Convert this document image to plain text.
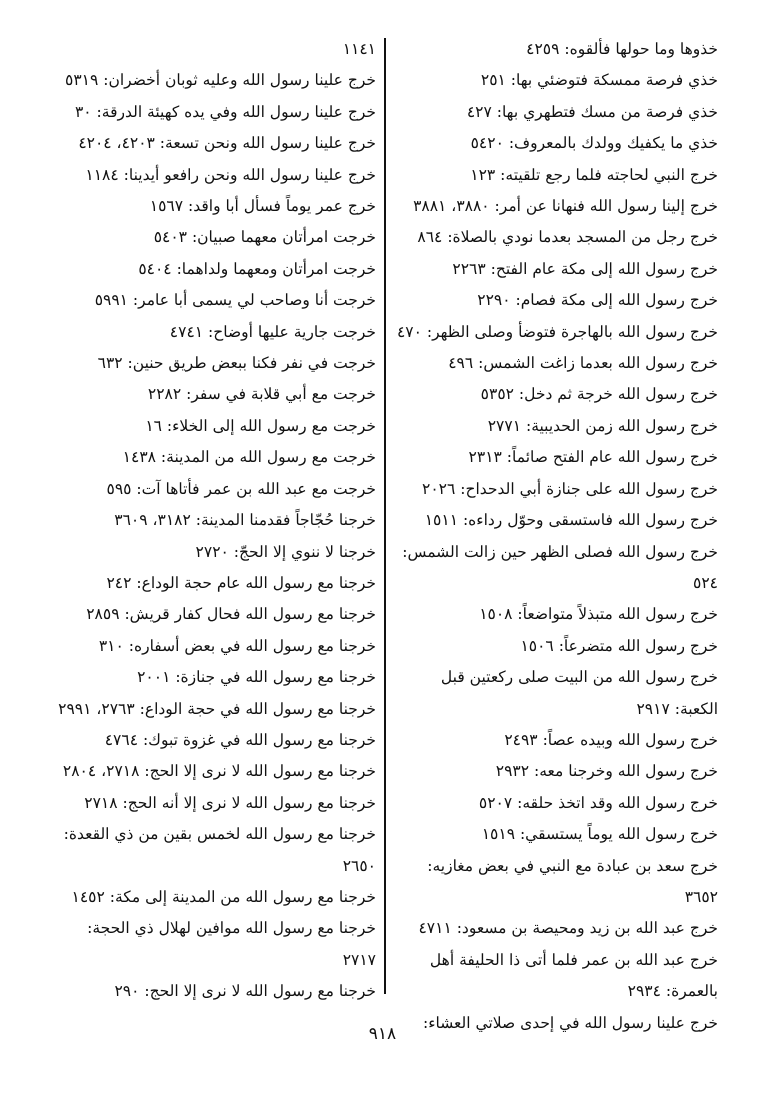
خذوها وما حولها فألقوه: ٤٢٥٩
خذي فرصة ممسكة فتوضئي بها: ٢٥١
خذي فرصة من مسك فتطهري بها: ٤٢٧
خذي ما يكفيك وولدك بالمعروف: ٥٤٢٠
خرج النبي لحاجته فلما رجع تلقيته: ١٢٣
خرج إلينا رسول الله فنهانا عن أمر: ٣٨٨٠، ٣٨٨١
خرج رجل من المسجد بعدما نودي بالصلاة: ٨٦٤
خرج رسول الله إلى مكة عام الفتح: ٢٢٦٣
خرج رسول الله إلى مكة فصام: ٢٢٩٠
خرج رسول الله بالهاجرة فتوضأ وصلى الظهر: ٤٧٠
خرج رسول الله بعدما زاغت الشمس: ٤٩٦
خرج رسول الله خرجة ثم دخل: ٥٣٥٢
خرج رسول الله زمن الحديبية: ٢٧٧١
خرج رسول الله عام الفتح صائماً: ٢٣١٣
خرج رسول الله على جنازة أبي الدحداح: ٢٠٢٦
خرج رسول الله فاستسقى وحوّل رداءه: ١٥١١
خرج رسول الله فصلى الظهر حين زالت الشمس: ٥٢٤
خرج رسول الله متبذلاً متواضعاً: ١٥٠٨
خرج رسول الله متضرعاً: ١٥٠٦
خرج رسول الله من البيت صلى ركعتين قبل الكعبة: ٢٩١٧
خرج رسول الله وبيده عصاً: ٢٤٩٣
خرج رسول الله وخرجنا معه: ٢٩٣٢
خرج رسول الله وقد اتخذ حلقه: ٥٢٠٧
خرج رسول الله يوماً يستسقي: ١٥١٩
خرج سعد بن عبادة مع النبي في بعض مغازيه: ٣٦٥٢
خرج عبد الله بن زيد ومحيصة بن مسعود: ٤٧١١
خرج عبد الله بن عمر فلما أتى ذا الحليفة أهل بالعمرة: ٢٩٣٤
خرج علينا رسول الله في إحدى صلاتي العشاء:
١١٤١
خرج علينا رسول الله وعليه ثوبان أخضران: ٥٣١٩
خرج علينا رسول الله وفي يده كهيئة الدرقة: ٣٠
خرج علينا رسول الله ونحن تسعة: ٤٢٠٣، ٤٢٠٤
خرج علينا رسول الله ونحن رافعو أيدينا: ١١٨٤
خرج عمر يوماً فسأل أبا واقد: ١٥٦٧
خرجت امرأتان معهما صبيان: ٥٤٠٣
خرجت امرأتان ومعهما ولداهما: ٥٤٠٤
خرجت أنا وصاحب لي يسمى أبا عامر: ٥٩٩١
خرجت جارية عليها أوضاح: ٤٧٤١
خرجت في نفر فكنا ببعض طريق حنين: ٦٣٢
خرجت مع أبي قلابة في سفر: ٢٢٨٢
خرجت مع رسول الله إلى الخلاء: ١٦
خرجت مع رسول الله من المدينة: ١٤٣٨
خرجت مع عبد الله بن عمر فأتاها آت: ٥٩٥
خرجنا حُجّاجاً فقدمنا المدينة: ٣١٨٢، ٣٦٠٩
خرجنا لا ننوي إلا الحجّ: ٢٧٢٠
خرجنا مع رسول الله عام حجة الوداع: ٢٤٢
خرجنا مع رسول الله فحال كفار قريش: ٢٨٥٩
خرجنا مع رسول الله في بعض أسفاره: ٣١٠
خرجنا مع رسول الله في جنازة: ٢٠٠١
خرجنا مع رسول الله في حجة الوداع: ٢٧٦٣، ٢٩٩١
خرجنا مع رسول الله في غزوة تبوك: ٤٧٦٤
خرجنا مع رسول الله لا نرى إلا الحج: ٢٧١٨، ٢٨٠٤
خرجنا مع رسول الله لا نرى إلا أنه الحج: ٢٧١٨
خرجنا مع رسول الله لخمس بقين من ذي القعدة: ٢٦٥٠
خرجنا مع رسول الله من المدينة إلى مكة: ١٤٥٢
خرجنا مع رسول الله موافين لهلال ذي الحجة: ٢٧١٧
خرجنا مع رسول الله لا نرى إلا الحج: ٢٩٠
٩١٨
